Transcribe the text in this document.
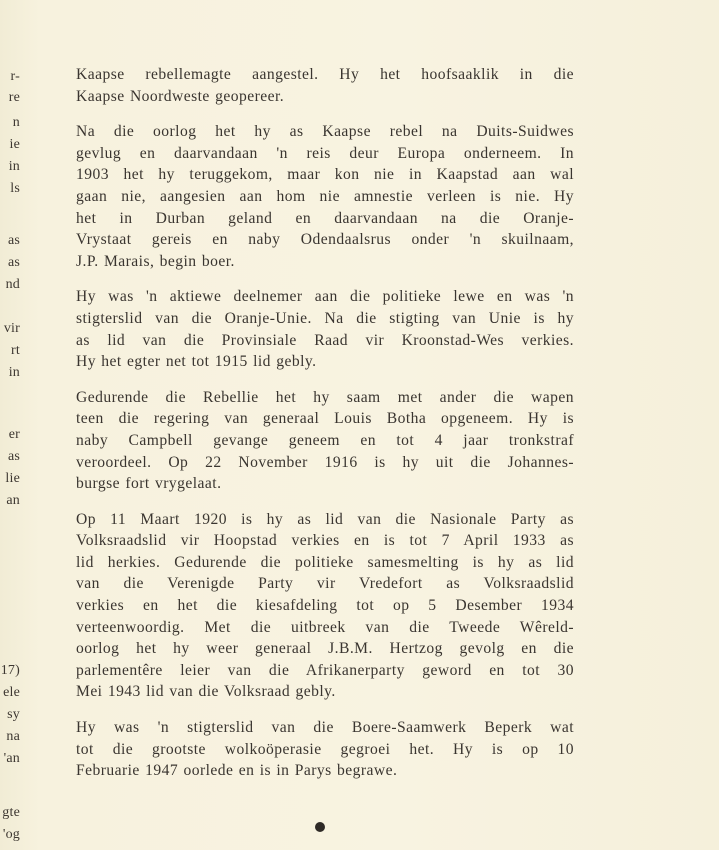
r-
re
n
ie
in
ls
as
as
nd
vir
rt
in
er
as
lie
an
17)
ele
sy
na
'an
gte
'og

Kaapse rebellemagte aangestel. Hy het hoofsaaklik in die
Kaapse Noordweste geopereer.

Na die oorlog het hy as Kaapse rebel na Duits-Suidwes
gevlug en daarvandaan 'n reis deur Europa onderneem. In
1903 het hy teruggekom, maar kon nie in Kaapstad aan wal
gaan nie, aangesien aan hom nie amnestie verleen is nie. Hy
het in Durban geland en daarvandaan na die Oranje-
Vrystaat gereis en naby Odendaalsrus onder 'n skuilnaam,
J.P. Marais, begin boer.

Hy was 'n aktiewe deelnemer aan die politieke lewe en was 'n
stigterslid van die Oranje-Unie. Na die stigting van Unie is hy
as lid van die Provinsiale Raad vir Kroonstad-Wes verkies.
Hy het egter net tot 1915 lid gebly.

Gedurende die Rebellie het hy saam met ander die wapen
teen die regering van generaal Louis Botha opgeneem. Hy is
naby Campbell gevange geneem en tot 4 jaar tronkstraf
veroordeel. Op 22 November 1916 is hy uit die Johannes-
burgse fort vrygelaat.

Op 11 Maart 1920 is hy as lid van die Nasionale Party as
Volksraadslid vir Hoopstad verkies en is tot 7 April 1933 as
lid herkies. Gedurende die politieke samesmelting is hy as lid
van die Verenigde Party vir Vredefort as Volksraadslid
verkies en het die kiesafdeling tot op 5 Desember 1934
verteenwoordig. Met die uitbreek van die Tweede Wêreld-
oorlog het hy weer generaal J.B.M. Hertzog gevolg en die
parlementêre leier van die Afrikanerparty geword en tot 30
Mei 1943 lid van die Volksraad gebly.

Hy was 'n stigterslid van die Boere-Saamwerk Beperk wat
tot die grootste wolkoöperasie gegroei het. Hy is op 10
Februarie 1947 oorlede en is in Parys begrawe.
